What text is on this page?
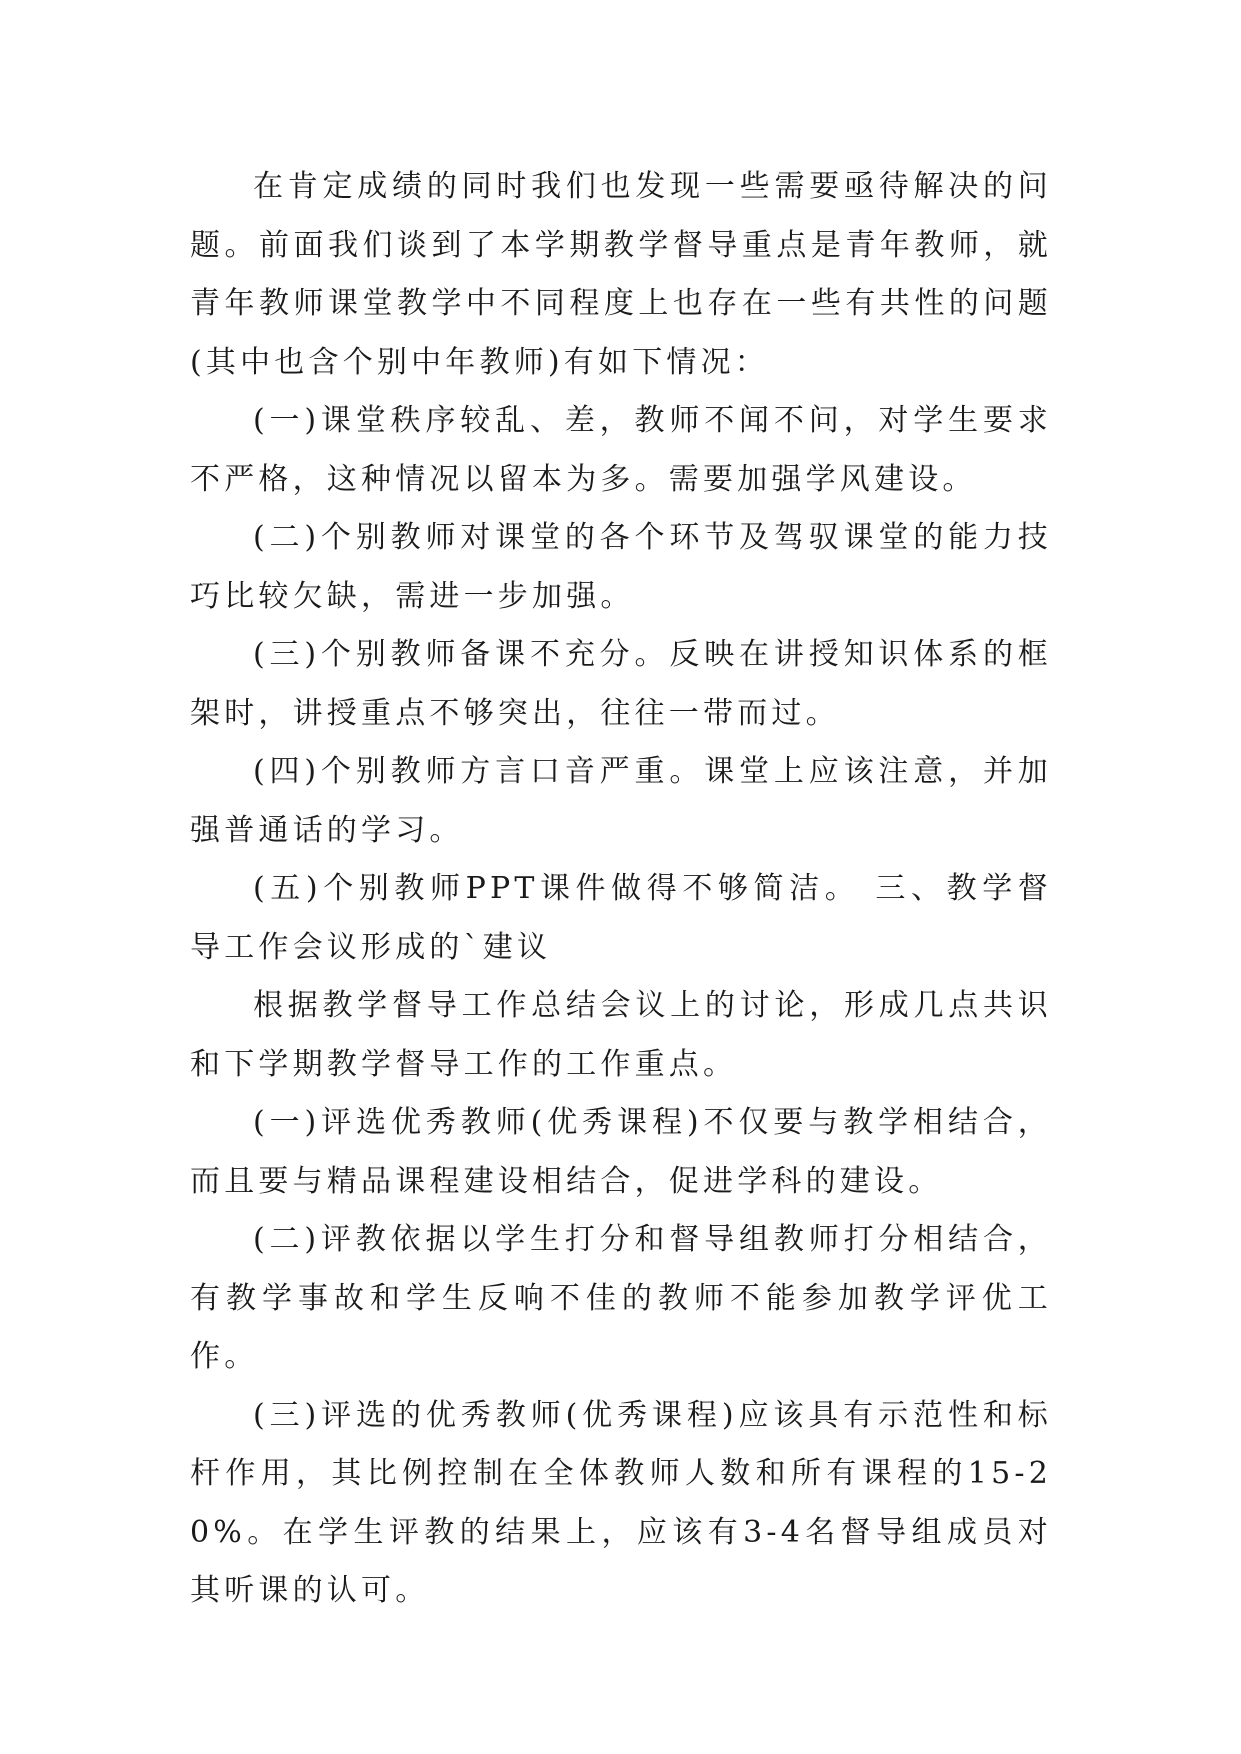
在肯定成绩的同时我们也发现一些需要亟待解决的问题。前面我们谈到了本学期教学督导重点是青年教师，就青年教师课堂教学中不同程度上也存在一些有共性的问题(其中也含个别中年教师)有如下情况：

(一)课堂秩序较乱、差，教师不闻不问，对学生要求不严格，这种情况以留本为多。需要加强学风建设。

(二)个别教师对课堂的各个环节及驾驭课堂的能力技巧比较欠缺，需进一步加强。

(三)个别教师备课不充分。反映在讲授知识体系的框架时，讲授重点不够突出，往往一带而过。

(四)个别教师方言口音严重。课堂上应该注意，并加强普通话的学习。

(五)个别教师PPT课件做得不够简洁。 三、教学督导工作会议形成的`建议

根据教学督导工作总结会议上的讨论，形成几点共识和下学期教学督导工作的工作重点。

(一)评选优秀教师(优秀课程)不仅要与教学相结合，而且要与精品课程建设相结合，促进学科的建设。

(二)评教依据以学生打分和督导组教师打分相结合，有教学事故和学生反响不佳的教师不能参加教学评优工作。

(三)评选的优秀教师(优秀课程)应该具有示范性和标杆作用，其比例控制在全体教师人数和所有课程的15-20%。在学生评教的结果上，应该有3-4名督导组成员对其听课的认可。
